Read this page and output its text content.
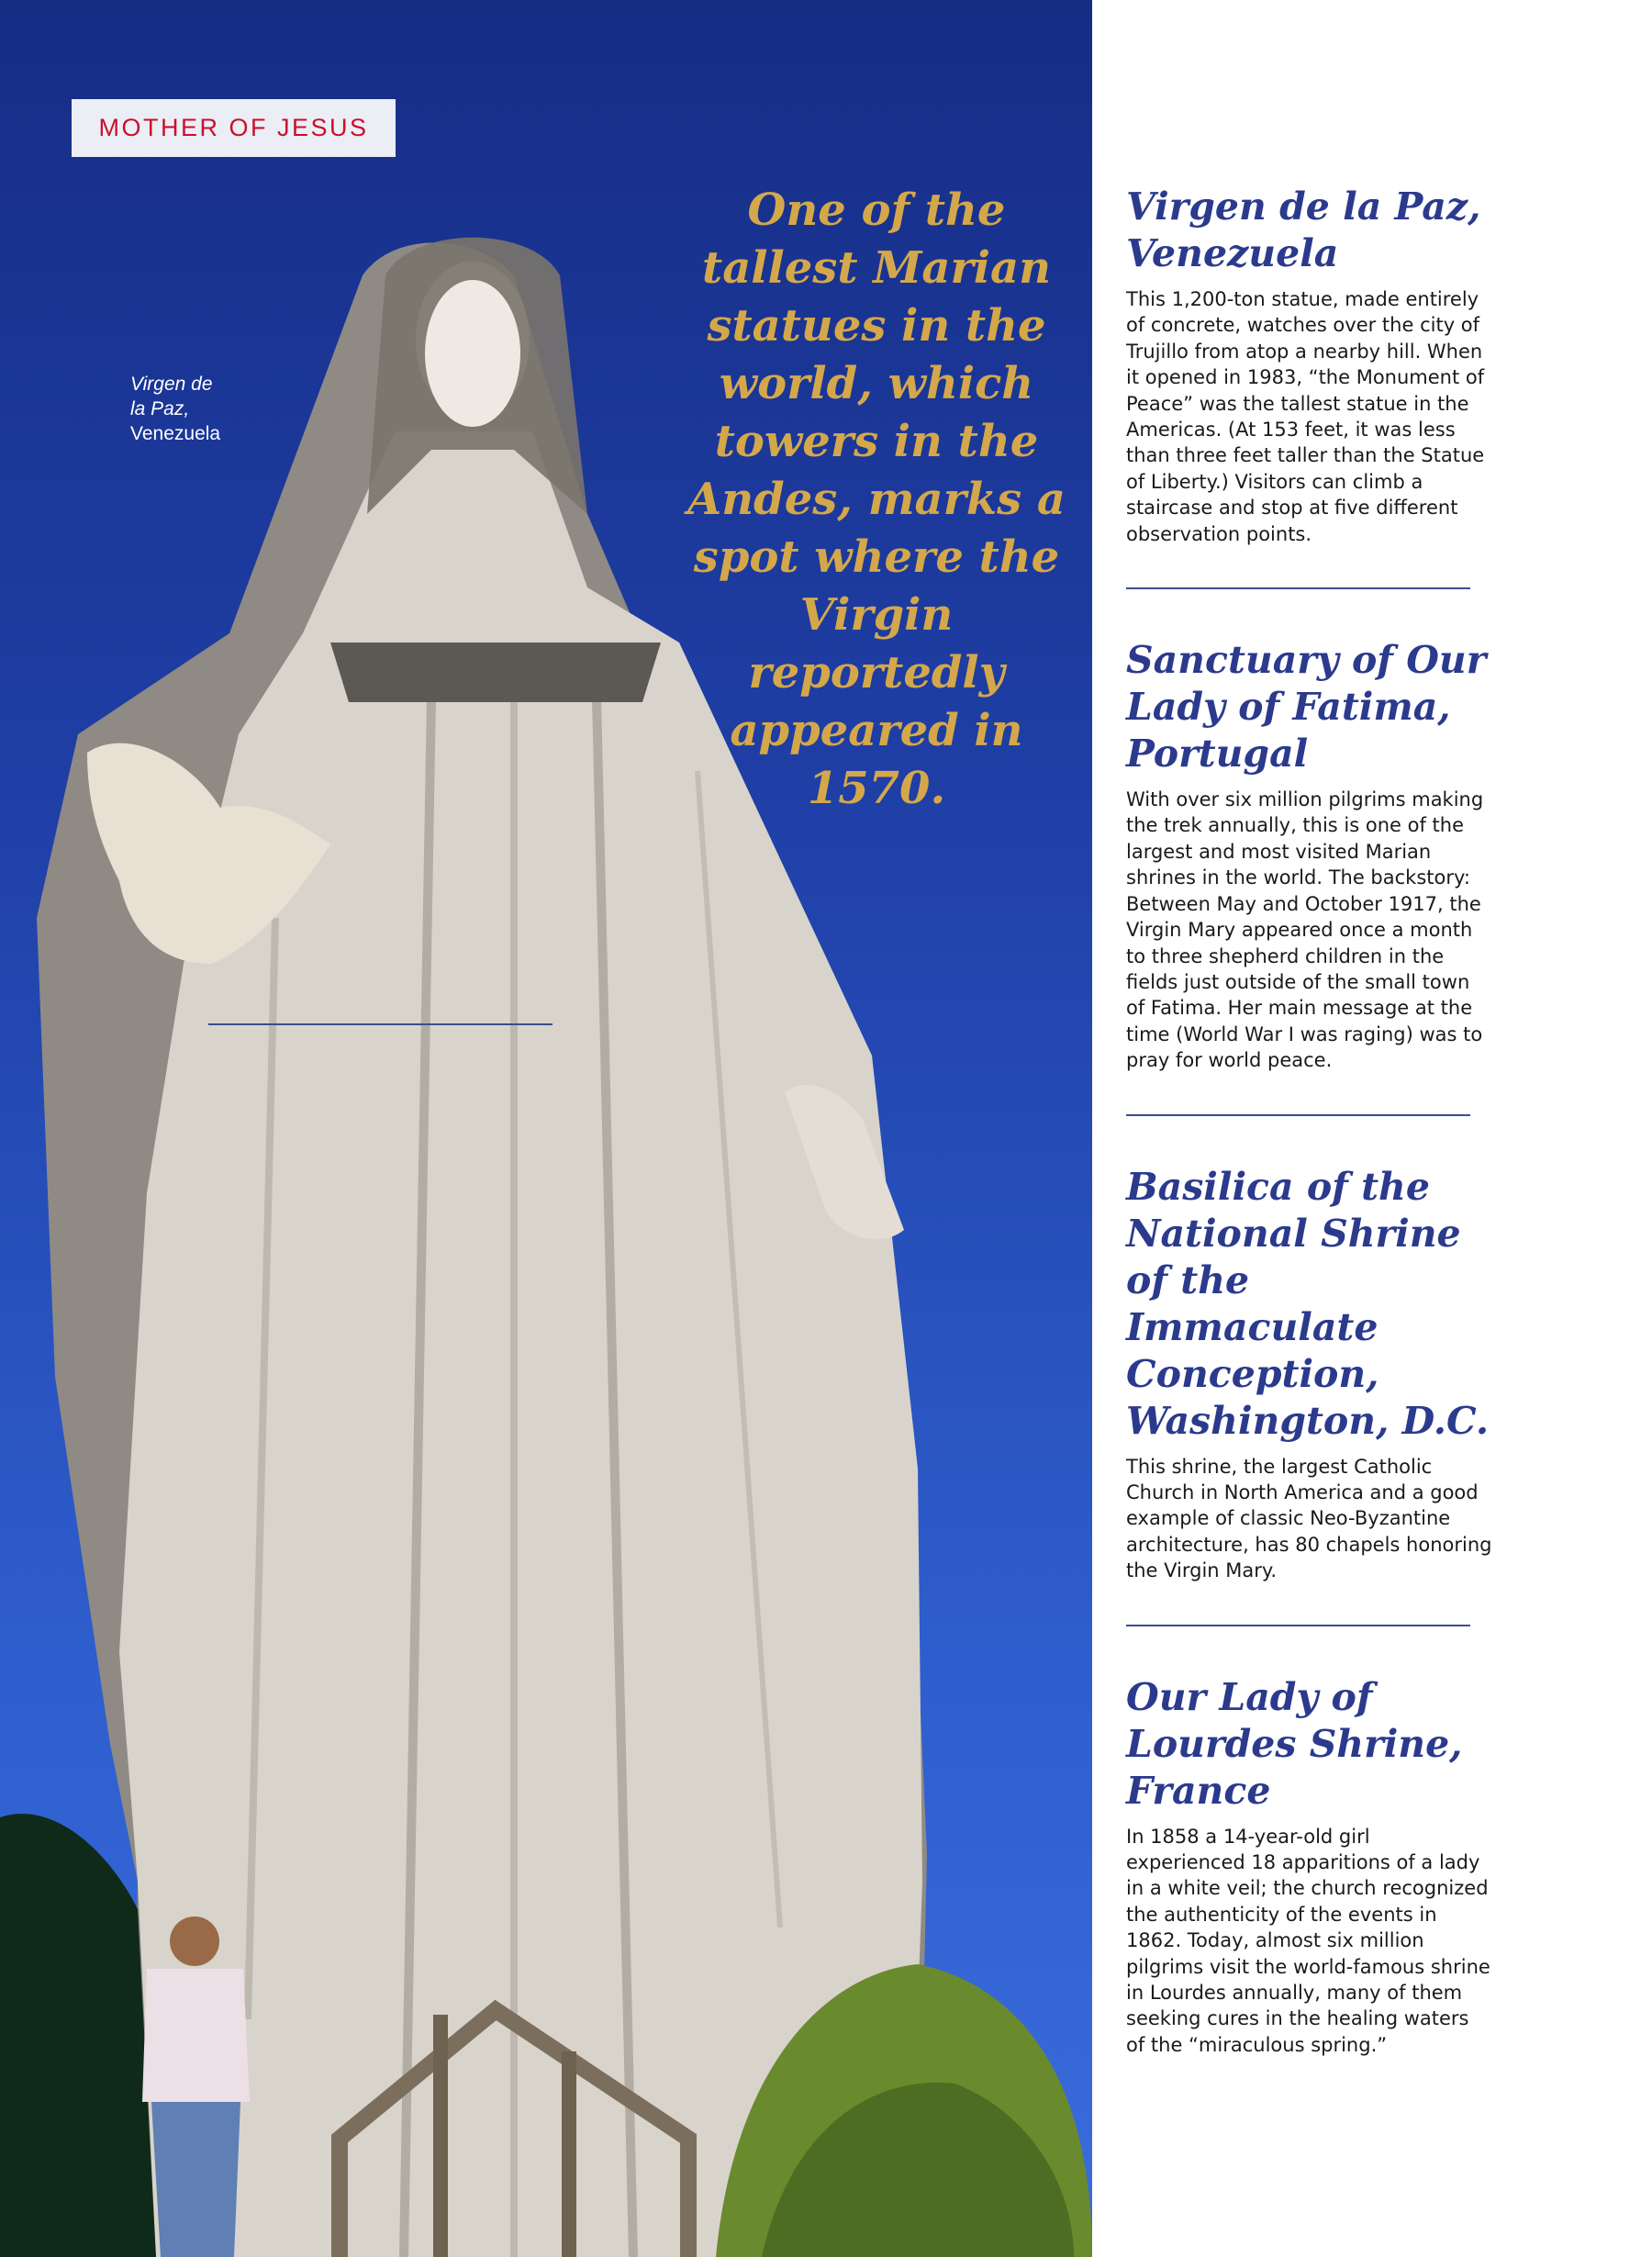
MOTHER OF JESUS
Virgen de
la Paz,
Venezuela
One of the tallest Marian statues in the world, which towers in the Andes, marks a spot where the Virgin reportedly appeared in 1570.
Virgen de la Paz, Venezuela

This 1,200-ton statue, made entirely of concrete, watches over the city of Trujillo from atop a nearby hill. When it opened in 1983, “the Monument of Peace” was the tallest statue in the Americas. (At 153 feet, it was less than three feet taller than the Statue of Liberty.) Visitors can climb a staircase and stop at five different observation points.

Sanctuary of Our Lady of Fatima, Portugal

With over six million pilgrims making the trek annually, this is one of the largest and most visited Marian shrines in the world. The backstory: Between May and October 1917, the Virgin Mary appeared once a month to three shepherd children in the fields just outside of the small town of Fatima. Her main message at the time (World War I was raging) was to pray for world peace.

Basilica of the National Shrine of the Immaculate Conception, Washington, D.C.

This shrine, the largest Catholic Church in North America and a good example of classic Neo-Byzantine architecture, has 80 chapels honoring the Virgin Mary.

Our Lady of Lourdes Shrine, France

In 1858 a 14-year-old girl experienced 18 apparitions of a lady in a white veil; the church recognized the authenticity of the events in 1862. Today, almost six million pilgrims visit the world-famous shrine in Lourdes annually, many of them seeking cures in the healing waters of the “miraculous spring.”
